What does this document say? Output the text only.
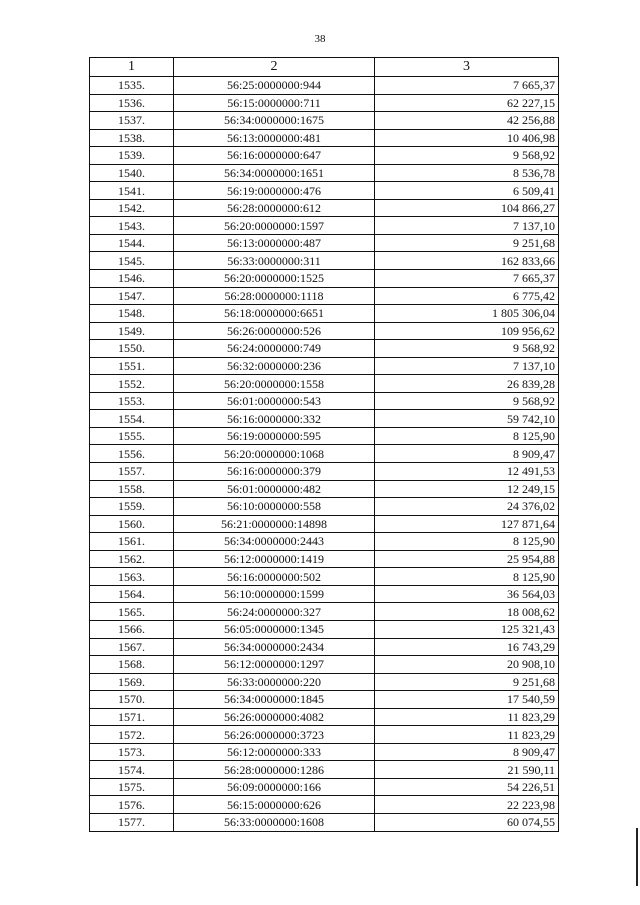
38
1	2	3
1535.	56:25:0000000:944	7 665,37
1536.	56:15:0000000:711	62 227,15
1537.	56:34:0000000:1675	42 256,88
1538.	56:13:0000000:481	10 406,98
1539.	56:16:0000000:647	9 568,92
1540.	56:34:0000000:1651	8 536,78
1541.	56:19:0000000:476	6 509,41
1542.	56:28:0000000:612	104 866,27
1543.	56:20:0000000:1597	7 137,10
1544.	56:13:0000000:487	9 251,68
1545.	56:33:0000000:311	162 833,66
1546.	56:20:0000000:1525	7 665,37
1547.	56:28:0000000:1118	6 775,42
1548.	56:18:0000000:6651	1 805 306,04
1549.	56:26:0000000:526	109 956,62
1550.	56:24:0000000:749	9 568,92
1551.	56:32:0000000:236	7 137,10
1552.	56:20:0000000:1558	26 839,28
1553.	56:01:0000000:543	9 568,92
1554.	56:16:0000000:332	59 742,10
1555.	56:19:0000000:595	8 125,90
1556.	56:20:0000000:1068	8 909,47
1557.	56:16:0000000:379	12 491,53
1558.	56:01:0000000:482	12 249,15
1559.	56:10:0000000:558	24 376,02
1560.	56:21:0000000:14898	127 871,64
1561.	56:34:0000000:2443	8 125,90
1562.	56:12:0000000:1419	25 954,88
1563.	56:16:0000000:502	8 125,90
1564.	56:10:0000000:1599	36 564,03
1565.	56:24:0000000:327	18 008,62
1566.	56:05:0000000:1345	125 321,43
1567.	56:34:0000000:2434	16 743,29
1568.	56:12:0000000:1297	20 908,10
1569.	56:33:0000000:220	9 251,68
1570.	56:34:0000000:1845	17 540,59
1571.	56:26:0000000:4082	11 823,29
1572.	56:26:0000000:3723	11 823,29
1573.	56:12:0000000:333	8 909,47
1574.	56:28:0000000:1286	21 590,11
1575.	56:09:0000000:166	54 226,51
1576.	56:15:0000000:626	22 223,98
1577.	56:33:0000000:1608	60 074,55
